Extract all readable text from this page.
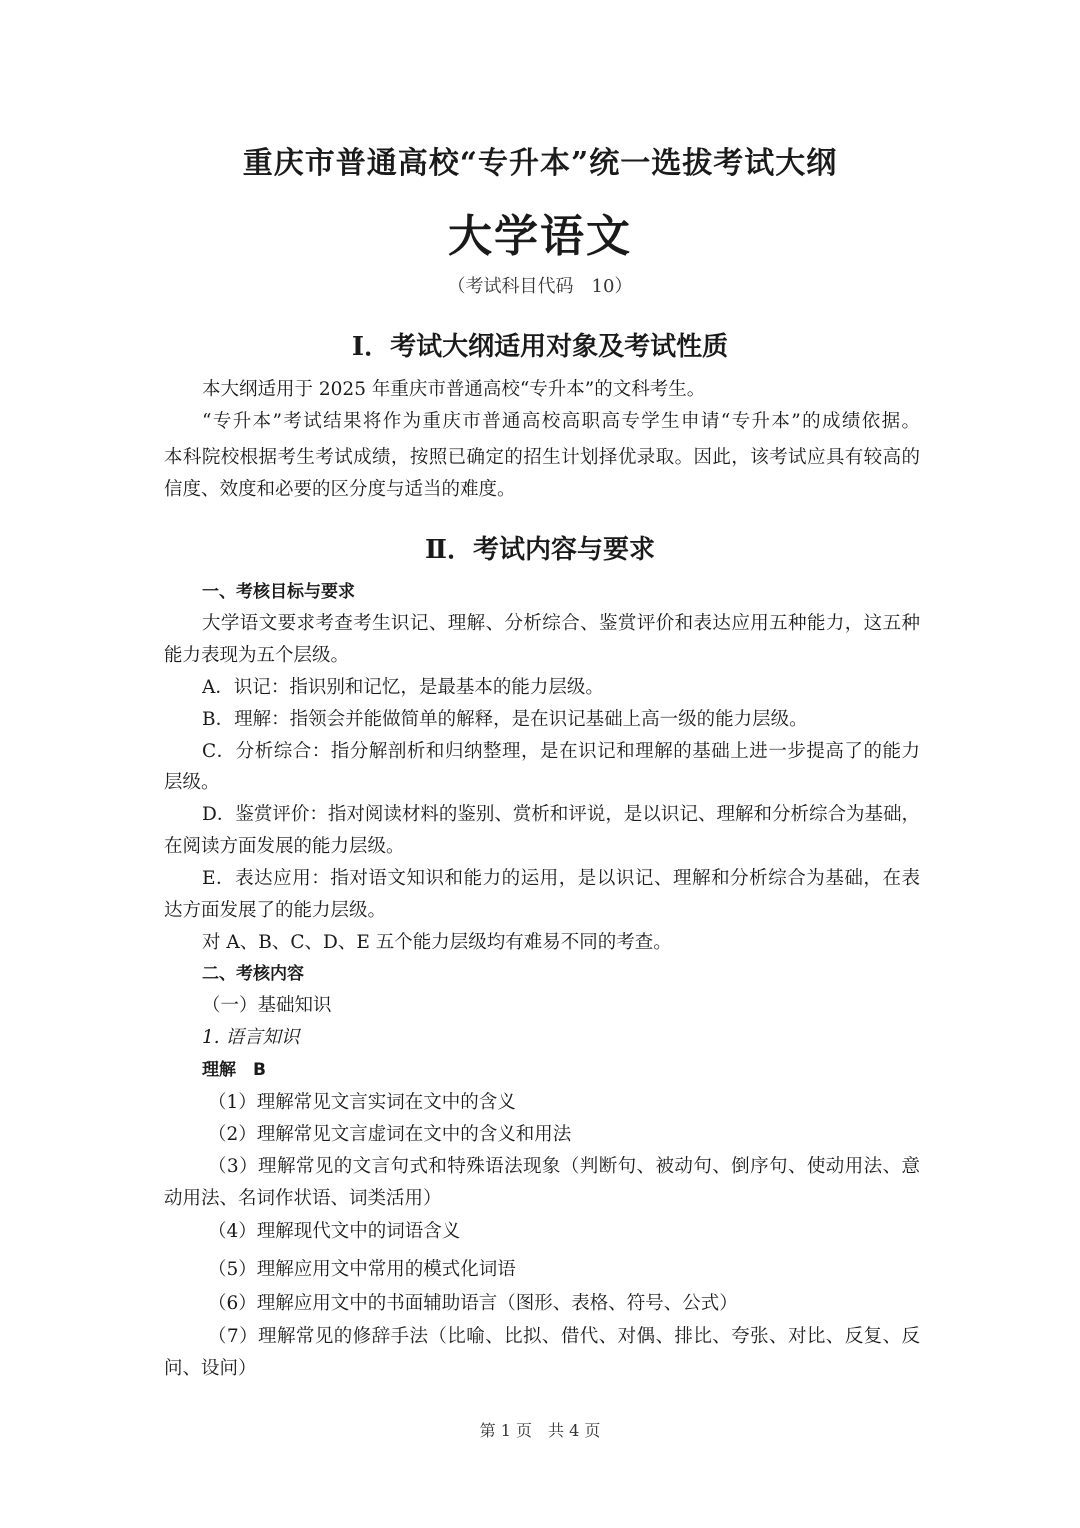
重庆市普通高校“专升本”统一选拔考试大纲
大学语文
（考试科目代码　10）
Ⅰ．考试大纲适用对象及考试性质
本大纲适用于 2025 年重庆市普通高校“专升本”的文科考生。
“专升本”考试结果将作为重庆市普通高校高职高专学生申请“专升本”的成绩依据。
本科院校根据考生考试成绩，按照已确定的招生计划择优录取。因此，该考试应具有较高的
信度、效度和必要的区分度与适当的难度。
Ⅱ．考试内容与要求
一、考核目标与要求
大学语文要求考查考生识记、理解、分析综合、鉴赏评价和表达应用五种能力，这五种
能力表现为五个层级。
A．识记：指识别和记忆，是最基本的能力层级。
B．理解：指领会并能做简单的解释，是在识记基础上高一级的能力层级。
C．分析综合：指分解剖析和归纳整理，是在识记和理解的基础上进一步提高了的能力
层级。
D．鉴赏评价：指对阅读材料的鉴别、赏析和评说，是以识记、理解和分析综合为基础，
在阅读方面发展的能力层级。
E．表达应用：指对语文知识和能力的运用，是以识记、理解和分析综合为基础，在表
达方面发展了的能力层级。
对 A、B、C、D、E 五个能力层级均有难易不同的考查。
二、考核内容
（一）基础知识
1. 语言知识
理解　B
（1）理解常见文言实词在文中的含义
（2）理解常见文言虚词在文中的含义和用法
（3）理解常见的文言句式和特殊语法现象（判断句、被动句、倒序句、使动用法、意
动用法、名词作状语、词类活用）
（4）理解现代文中的词语含义
（5）理解应用文中常用的模式化词语
（6）理解应用文中的书面辅助语言（图形、表格、符号、公式）
（7）理解常见的修辞手法（比喻、比拟、借代、对偶、排比、夸张、对比、反复、反
问、设问）
第 1 页　共 4 页
